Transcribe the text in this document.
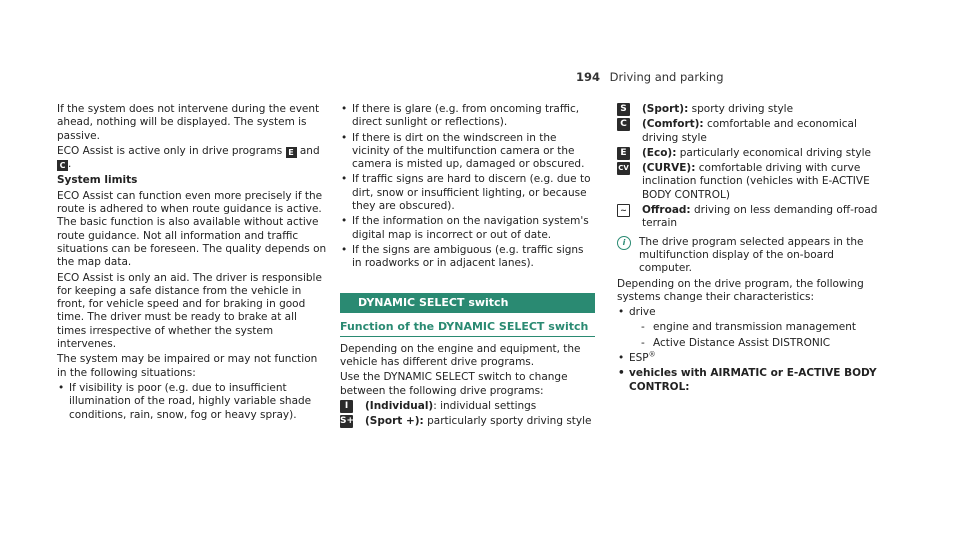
194 Driving and parking

If the system does not intervene during the event ahead, nothing will be displayed. The system is passive.

ECO Assist is active only in drive programs E and C .

System limits

ECO Assist can function even more precisely if the route is adhered to when route guidance is active. The basic function is also available without active route guidance. Not all information and traffic situations can be foreseen. The quality depends on the map data.

ECO Assist is only an aid. The driver is responsible for keeping a safe distance from the vehicle in front, for vehicle speed and for braking in good time. The driver must be ready to brake at all times irrespective of whether the system intervenes.

The system may be impaired or may not function in the following situations:

• If visibility is poor (e.g. due to insufficient illumination of the road, highly variable shade conditions, rain, snow, fog or heavy spray).
• If there is glare (e.g. from oncoming traffic, direct sunlight or reflections).
• If there is dirt on the windscreen in the vicinity of the multifunction camera or the camera is misted up, damaged or obscured.
• If traffic signs are hard to discern (e.g. due to dirt, snow or insufficient lighting, or because they are obscured).
• If the information on the navigation system's digital map is incorrect or out of date.
• If the signs are ambiguous (e.g. traffic signs in roadworks or in adjacent lanes).
DYNAMIC SELECT switch
Function of the DYNAMIC SELECT switch

Depending on the engine and equipment, the vehicle has different drive programs.

Use the DYNAMIC SELECT switch to change between the following drive programs:

I	(Individual): individual settings
S+ (Sport +): particularly sporty driving style
S	(Sport): sporty driving style
C	(Comfort): comfortable and economical driving style
E	(Eco): particularly economical driving style
CV (CURVE): comfortable driving with curve inclination function (vehicles with E-ACTIVE BODY CONTROL)
~	Offroad: driving on less demanding off-road terrain
i	The drive program selected appears in the multifunction display of the on-board computer.

Depending on the drive program, the following systems change their characteristics:

• drive
- engine and transmission management
- Active Distance Assist DISTRONIC
• ESP®
• vehicles with AIRMATIC or E-ACTIVE BODY CONTROL:
